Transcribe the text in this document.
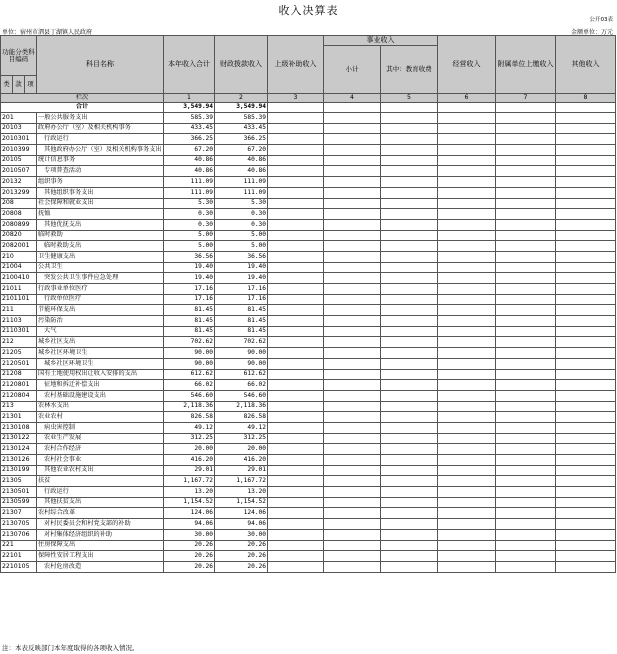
收入决算表
公开03表
单位：宿州市泗县丁湖镇人民政府	金额单位：万元
功能分类科目编码			科目名称	本年收入合计	财政拨款收入	上级补助收入	事业收入		经营收入	附属单位上缴收入	其他收入
							小计	其中：教育收费			
类	款	项									
栏次				1	2	3	4	5	6	7	8
合计				3,549.94	3,549.94						
201			一般公共服务支出	585.39	585.39						
20103			政府办公厅（室）及相关机构事务	433.45	433.45						
2010301			行政运行	366.25	366.25						
2010399			其他政府办公厅（室）及相关机构事务支出	67.20	67.20						
20105			统计信息事务	40.86	40.86						
2010507			专项普查活动	40.86	40.86						
20132			组织事务	111.09	111.09						
2013299			其他组织事务支出	111.09	111.09						
208			社会保障和就业支出	5.30	5.30						
20808			抚恤	0.30	0.30						
2080899			其他优抚支出	0.30	0.30						
20820			临时救助	5.00	5.00						
2082001			临时救助支出	5.00	5.00						
210			卫生健康支出	36.56	36.56						
21004			公共卫生	19.40	19.40						
2100410			突发公共卫生事件应急处理	19.40	19.40						
21011			行政事业单位医疗	17.16	17.16						
2101101			行政单位医疗	17.16	17.16						
211			节能环保支出	81.45	81.45						
21103			污染防治	81.45	81.45						
2110301			大气	81.45	81.45						
212			城乡社区支出	702.62	702.62						
21205			城乡社区环境卫生	90.00	90.00						
2120501			城乡社区环境卫生	90.00	90.00						
21208			国有土地使用权出让收入安排的支出	612.62	612.62						
2120801			征地和拆迁补偿支出	66.02	66.02						
2120804			农村基础设施建设支出	546.60	546.60						
213			农林水支出	2,118.36	2,118.36						
21301			农业农村	826.58	826.58						
2130108			病虫害控制	49.12	49.12						
2130122			农业生产发展	312.25	312.25						
2130124			农村合作经济	20.00	20.00						
2130126			农村社会事业	416.20	416.20						
2130199			其他农业农村支出	29.01	29.01						
21305			扶贫	1,167.72	1,167.72						
2130501			行政运行	13.20	13.20						
2130599			其他扶贫支出	1,154.52	1,154.52						
21307			农村综合改革	124.06	124.06						
2130705			对村民委员会和村党支部的补助	94.06	94.06						
2130706			对村集体经济组织的补助	30.00	30.00						
221			住房保障支出	20.26	20.26						
22101			保障性安居工程支出	20.26	20.26						
2210105			农村危房改造	20.26	20.26						
注：本表反映部门本年度取得的各项收入情况。
